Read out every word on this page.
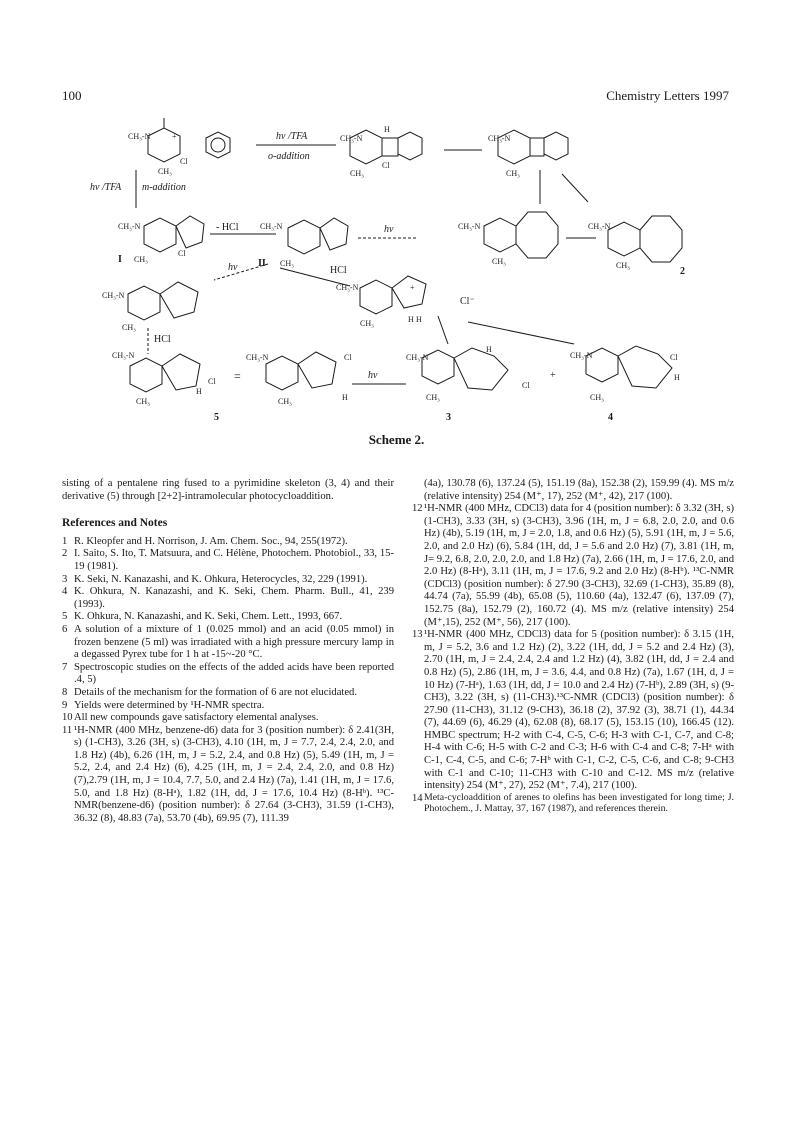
100	Chemistry Letters 1997
+	hν /TFA
o-addition
hν /TFA m-addition
- HCl	hν
hν	HCl
Cl⁻
HCl
hν
=	+
I	II
2
3	4
5
CH₃-N
Cl
CH₃
CH₃-N
Cl
CH₃
H
CH₃-N
CH₃
CH₃-N
Cl
CH₃
CH₃-N
CH₃
CH₃-N
CH₃
CH₃-N
CH₃
CH₃-N
CH₃
CH₃-N
CH₃	H H
+
CH₃-N
CH₃
Cl
H
CH₃-N
CH₃
Cl
H
CH₃-N
CH₃
Cl
H
CH₃-N
CH₃
Cl
H
Scheme 2.

sisting of a pentalene ring fused to a pyrimidine skeleton (3, 4) and their derivative (5) through [2+2]-intramolecular photocycloaddition.

References and Notes

1 R. Kleopfer and H. Norrison, J. Am. Chem. Soc., 94, 255(1972).
2 I. Saito, S. Ito, T. Matsuura, and C. Hélène, Photochem. Photobiol., 33, 15-19 (1981).
3 K. Seki, N. Kanazashi, and K. Ohkura, Heterocycles, 32, 229 (1991).
4 K. Ohkura, N. Kanazashi, and K. Seki, Chem. Pharm. Bull., 41, 239 (1993).
5 K. Ohkura, N. Kanazashi, and K. Seki, Chem. Lett., 1993, 667.
6 A solution of a mixture of 1 (0.025 mmol) and an acid (0.05 mmol) in frozen benzene (5 ml) was irradiated with a high pressure mercury lamp in a degassed Pyrex tube for 1 h at -15~-20 °C.
7 Spectroscopic studies on the effects of the added acids have been reported .4, 5)
8 Details of the mechanism for the formation of 6 are not elucidated.
9 Yields were determined by ¹H-NMR spectra.
10 All new compounds gave satisfactory elemental analyses.
11 ¹H-NMR (400 MHz, benzene-d6) data for 3 (position number): δ 2.41(3H, s) (1-CH3), 3.26 (3H, s) (3-CH3), 4.10 (1H, m, J = 7.7, 2.4, 2.4, 2.0, and 1.8 Hz) (4b), 6.26 (1H, m, J = 5.2, 2.4, and 0.8 Hz) (5), 5.49 (1H, m, J = 5.2, 2.4, and 2.4 Hz) (6), 4.25 (1H, m, J = 2.4, 2.4, 2.0, and 0.8 Hz) (7),2.79 (1H, m, J = 10.4, 7.7, 5.0, and 2.4 Hz) (7a), 1.41 (1H, m, J = 17.6, 5.0, and 1.8 Hz) (8-Hᵃ), 1.82 (1H, dd, J = 17.6, 10.4 Hz) (8-Hᵇ). ¹³C-NMR(benzene-d6) (position number): δ 27.64 (3-CH3), 31.59 (1-CH3), 36.32 (8), 48.83 (7a), 53.70 (4b), 69.95 (7), 111.39
(4a), 130.78 (6), 137.24 (5), 151.19 (8a), 152.38 (2), 159.99 (4). MS m/z (relative intensity) 254 (M⁺, 17), 252 (M⁺, 42), 217 (100).
12 ¹H-NMR (400 MHz, CDCl3) data for 4 (position number): δ 3.32 (3H, s) (1-CH3), 3.33 (3H, s) (3-CH3), 3.96 (1H, m, J = 6.8, 2.0, 2.0, and 0.6 Hz) (4b), 5.19 (1H, m, J = 2.0, 1.8, and 0.6 Hz) (5), 5.91 (1H, m, J = 5.6, 2.0, and 2.0 Hz) (6), 5.84 (1H, dd, J = 5.6 and 2.0 Hz) (7), 3.81 (1H, m, J= 9.2, 6.8, 2.0, 2.0, 2.0, and 1.8 Hz) (7a), 2.66 (1H, m, J = 17.6, 2.0, and 2.0 Hz) (8-Hᵃ), 3.11 (1H, m, J = 17.6, 9.2 and 2.0 Hz) (8-Hᵇ). ¹³C-NMR (CDCl3) (position number): δ 27.90 (3-CH3), 32.69 (1-CH3), 35.89 (8), 44.74 (7a), 55.99 (4b), 65.08 (5), 110.60 (4a), 132.47 (6), 137.09 (7), 152.75 (8a), 152.79 (2), 160.72 (4). MS m/z (relative intensity) 254 (M⁺,15), 252 (M⁺, 56), 217 (100).
13 ¹H-NMR (400 MHz, CDCl3) data for 5 (position number): δ 3.15 (1H, m, J = 5.2, 3.6 and 1.2 Hz) (2), 3.22 (1H, dd, J = 5.2 and 2.4 Hz) (3), 2.70 (1H, m, J = 2.4, 2.4, 2.4 and 1.2 Hz) (4), 3.82 (1H, dd, J = 2.4 and 0.8 Hz) (5), 2.86 (1H, m, J = 3.6, 4.4, and 0.8 Hz) (7a), 1.67 (1H, d, J = 10 Hz) (7-Hᵃ), 1.63 (1H, dd, J = 10.0 and 2.4 Hz) (7-Hᵇ), 2.89 (3H, s) (9-CH3), 3.22 (3H, s) (11-CH3).¹³C-NMR (CDCl3) (position number): δ 27.90 (11-CH3), 31.12 (9-CH3), 36.18 (2), 37.92 (3), 38.71 (1), 44.34 (7), 44.69 (6), 46.29 (4), 62.08 (8), 68.17 (5), 153.15 (10), 166.45 (12). HMBC spectrum; H-2 with C-4, C-5, C-6; H-3 with C-1, C-7, and C-8; H-4 with C-6; H-5 with C-2 and C-3; H-6 with C-4 and C-8; 7-Hᵃ with C-1, C-4, C-5, and C-6; 7-Hᵇ with C-1, C-2, C-5, C-6, and C-8; 9-CH3 with C-1 and C-10; 11-CH3 with C-10 and C-12. MS m/z (relative intensity) 254 (M⁺, 27), 252 (M⁺, 7.4), 217 (100).
14 Meta-cycloaddition of arenes to olefins has been investigated for long time; J. Photochem., J. Mattay, 37, 167 (1987), and references therein.
